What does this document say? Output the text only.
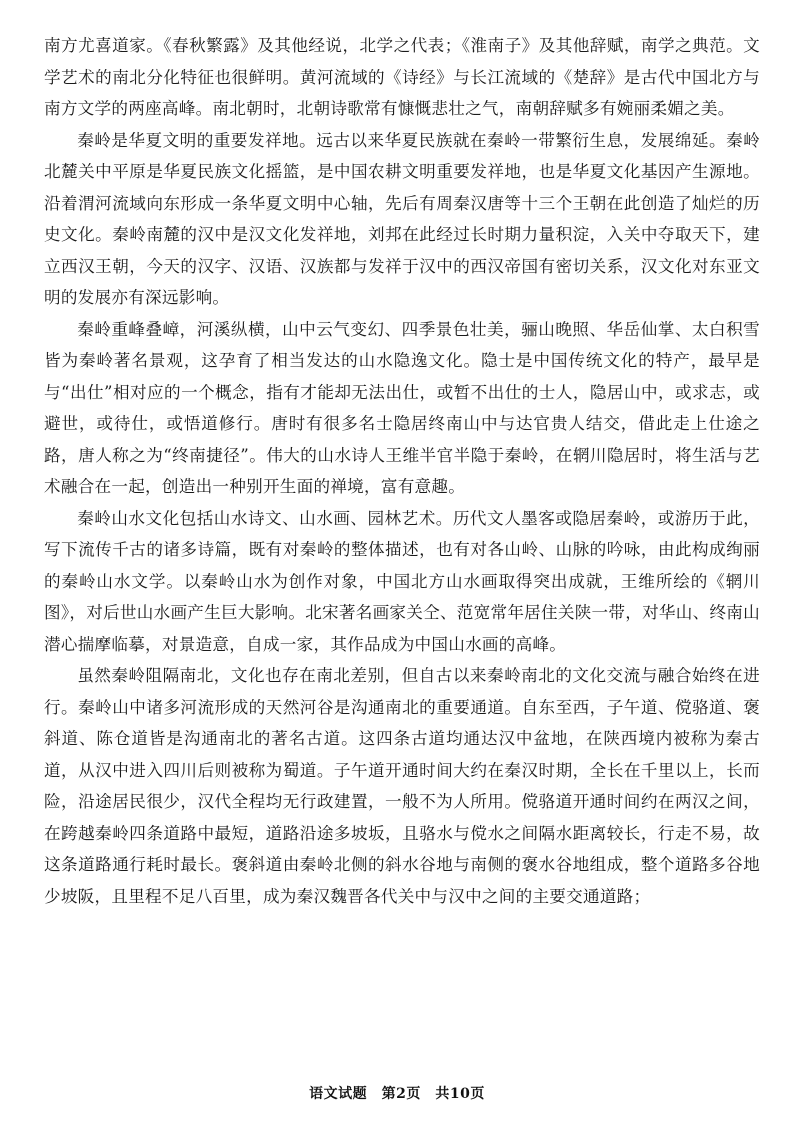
南方尤喜道家。《春秋繁露》及其他经说，北学之代表；《淮南子》及其他辞赋，南学之典范。文学艺术的南北分化特征也很鲜明。黄河流域的《诗经》与长江流域的《楚辞》是古代中国北方与南方文学的两座高峰。南北朝时，北朝诗歌常有慷慨悲壮之气，南朝辞赋多有婉丽柔媚之美。

秦岭是华夏文明的重要发祥地。远古以来华夏民族就在秦岭一带繁衍生息，发展绵延。秦岭北麓关中平原是华夏民族文化摇篮，是中国农耕文明重要发祥地，也是华夏文化基因产生源地。沿着渭河流域向东形成一条华夏文明中心轴，先后有周秦汉唐等十三个王朝在此创造了灿烂的历史文化。秦岭南麓的汉中是汉文化发祥地，刘邦在此经过长时期力量积淀，入关中夺取天下，建立西汉王朝，今天的汉字、汉语、汉族都与发祥于汉中的西汉帝国有密切关系，汉文化对东亚文明的发展亦有深远影响。

秦岭重峰叠嶂，河溪纵横，山中云气变幻、四季景色壮美，骊山晚照、华岳仙掌、太白积雪皆为秦岭著名景观，这孕育了相当发达的山水隐逸文化。隐士是中国传统文化的特产，最早是与“出仕”相对应的一个概念，指有才能却无法出仕，或暂不出仕的士人，隐居山中，或求志，或避世，或待仕，或悟道修行。唐时有很多名士隐居终南山中与达官贵人结交，借此走上仕途之路，唐人称之为“终南捷径”。伟大的山水诗人王维半官半隐于秦岭，在辋川隐居时，将生活与艺术融合在一起，创造出一种别开生面的禅境，富有意趣。

秦岭山水文化包括山水诗文、山水画、园林艺术。历代文人墨客或隐居秦岭，或游历于此，写下流传千古的诸多诗篇，既有对秦岭的整体描述，也有对各山岭、山脉的吟咏，由此构成绚丽的秦岭山水文学。以秦岭山水为创作对象，中国北方山水画取得突出成就，王维所绘的《辋川图》，对后世山水画产生巨大影响。北宋著名画家关仝、范宽常年居住关陕一带，对华山、终南山潜心揣摩临摹，对景造意，自成一家，其作品成为中国山水画的高峰。

虽然秦岭阻隔南北，文化也存在南北差别，但自古以来秦岭南北的文化交流与融合始终在进行。秦岭山中诸多河流形成的天然河谷是沟通南北的重要通道。自东至西，子午道、傥骆道、褒斜道、陈仓道皆是沟通南北的著名古道。这四条古道均通达汉中盆地，在陕西境内被称为秦古道，从汉中进入四川后则被称为蜀道。子午道开通时间大约在秦汉时期，全长在千里以上，长而险，沿途居民很少，汉代全程均无行政建置，一般不为人所用。傥骆道开通时间约在两汉之间，在跨越秦岭四条道路中最短，道路沿途多坡坂，且骆水与傥水之间隔水距离较长，行走不易，故这条道路通行耗时最长。褒斜道由秦岭北侧的斜水谷地与南侧的褒水谷地组成，整个道路多谷地少坡阪，且里程不足八百里，成为秦汉魏晋各代关中与汉中之间的主要交通道路；

语文试题　第2页　共10页
